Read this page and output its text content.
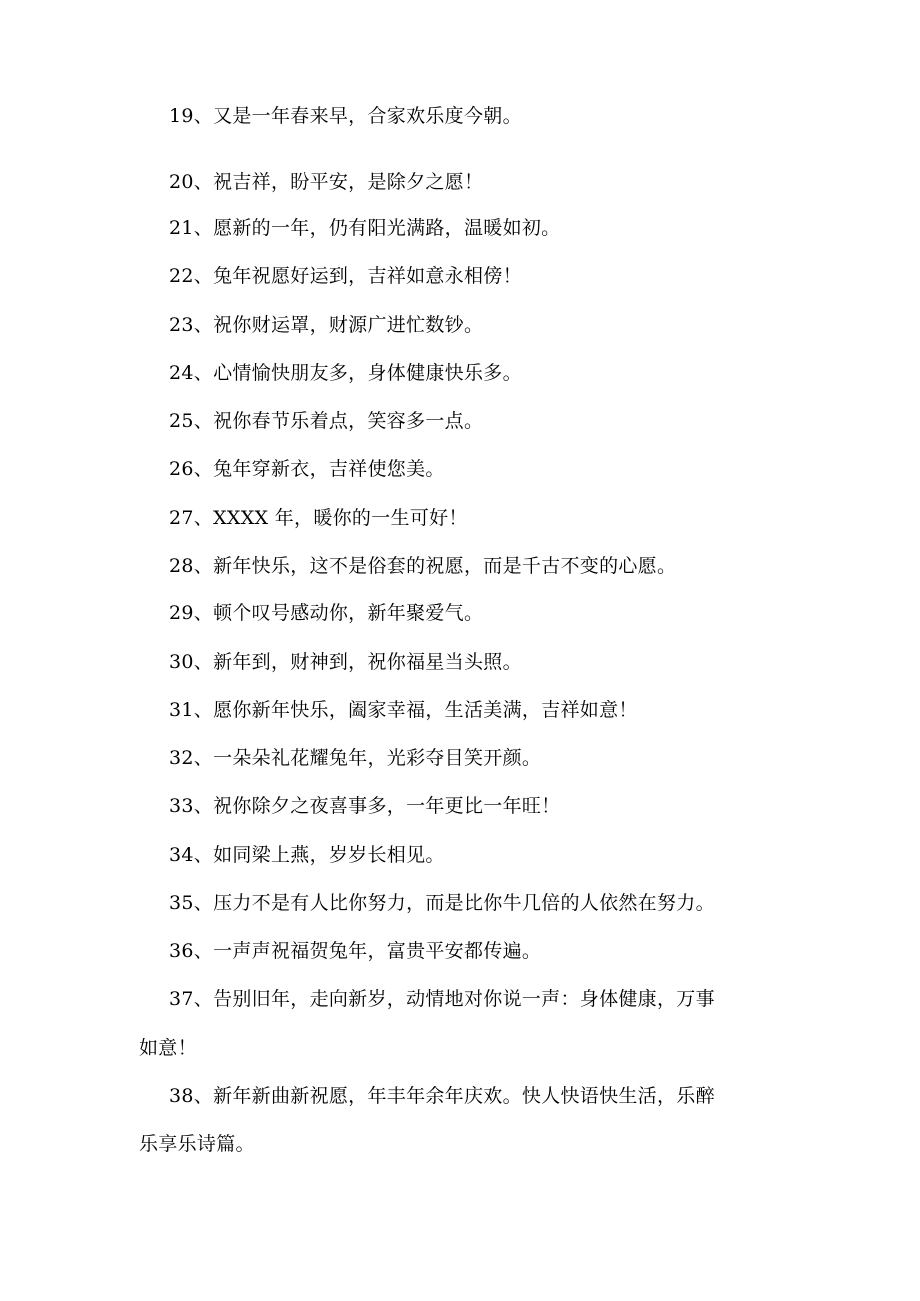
19、又是一年春来早，合家欢乐度今朝。
20、祝吉祥，盼平安，是除夕之愿！
21、愿新的一年，仍有阳光满路，温暖如初。
22、兔年祝愿好运到，吉祥如意永相傍！
23、祝你财运罩，财源广进忙数钞。
24、心情愉快朋友多，身体健康快乐多。
25、祝你春节乐着点，笑容多一点。
26、兔年穿新衣，吉祥使您美。
27、XXXX 年，暖你的一生可好！
28、新年快乐，这不是俗套的祝愿，而是千古不变的心愿。
29、顿个叹号感动你，新年聚爱气。
30、新年到，财神到，祝你福星当头照。
31、愿你新年快乐，阖家幸福，生活美满，吉祥如意！
32、一朵朵礼花耀兔年，光彩夺目笑开颜。
33、祝你除夕之夜喜事多，一年更比一年旺！
34、如同梁上燕，岁岁长相见。
35、压力不是有人比你努力，而是比你牛几倍的人依然在努力。
36、一声声祝福贺兔年，富贵平安都传遍。
37、告别旧年，走向新岁，动情地对你说一声：身体健康，万事
如意！
38、新年新曲新祝愿，年丰年余年庆欢。快人快语快生活，乐醉
乐享乐诗篇。
